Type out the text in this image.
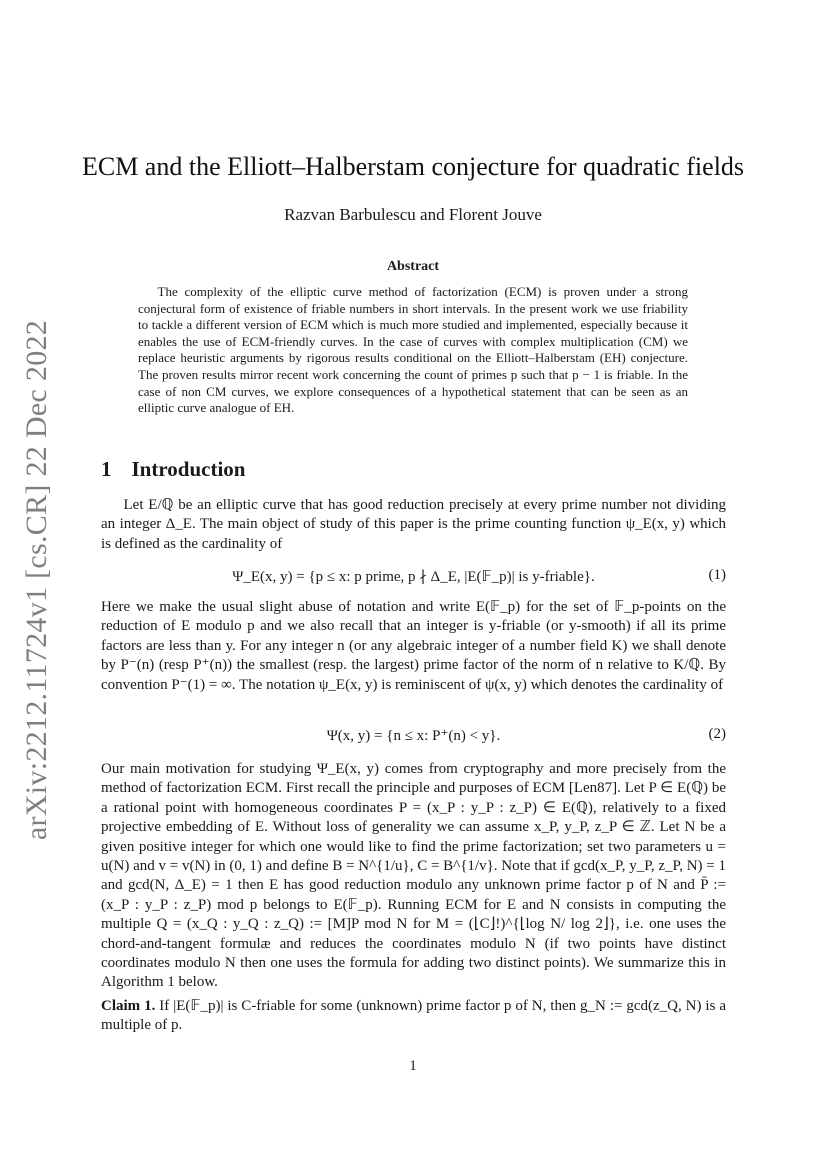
arXiv:2212.11724v1 [cs.CR] 22 Dec 2022
ECM and the Elliott–Halberstam conjecture for quadratic fields
Razvan Barbulescu and Florent Jouve
Abstract

The complexity of the elliptic curve method of factorization (ECM) is proven under a strong conjectural form of existence of friable numbers in short intervals. In the present work we use friability to tackle a different version of ECM which is much more studied and implemented, especially because it enables the use of ECM-friendly curves. In the case of curves with complex multiplication (CM) we replace heuristic arguments by rigorous results conditional on the Elliott–Halberstam (EH) conjecture. The proven results mirror recent work concerning the count of primes p such that p − 1 is friable. In the case of non CM curves, we explore consequences of a hypothetical statement that can be seen as an elliptic curve analogue of EH.

1 Introduction

Let E/ℚ be an elliptic curve that has good reduction precisely at every prime number not dividing an integer Δ_E. The main object of study of this paper is the prime counting function ψ_E(x, y) which is defined as the cardinality of

Ψ_E(x, y) = {p ≤ x: p prime, p ∤ Δ_E, |E(𝔽_p)| is y-friable}.	(1)

Here we make the usual slight abuse of notation and write E(𝔽_p) for the set of 𝔽_p-points on the reduction of E modulo p and we also recall that an integer is y-friable (or y-smooth) if all its prime factors are less than y. For any integer n (or any algebraic integer of a number field K) we shall denote by P⁻(n) (resp P⁺(n)) the smallest (resp. the largest) prime factor of the norm of n relative to K/ℚ. By convention P⁻(1) = ∞. The notation ψ_E(x, y) is reminiscent of ψ(x, y) which denotes the cardinality of

Ψ(x, y) = {n ≤ x: P⁺(n) < y}.	(2)

Our main motivation for studying Ψ_E(x, y) comes from cryptography and more precisely from the method of factorization ECM. First recall the principle and purposes of ECM [Len87]. Let P ∈ E(ℚ) be a rational point with homogeneous coordinates P = (x_P : y_P : z_P) ∈ E(ℚ), relatively to a fixed projective embedding of E. Without loss of generality we can assume x_P, y_P, z_P ∈ ℤ. Let N be a given positive integer for which one would like to find the prime factorization; set two parameters u = u(N) and v = v(N) in (0, 1) and define B = N^{1/u}, C = B^{1/v}. Note that if gcd(x_P, y_P, z_P, N) = 1 and gcd(N, Δ_E) = 1 then E has good reduction modulo any unknown prime factor p of N and P̄ := (x_P : y_P : z_P) mod p belongs to E(𝔽_p). Running ECM for E and N consists in computing the multiple Q = (x_Q : y_Q : z_Q) := [M]P mod N for M = (⌊C⌋!)^{⌊log N/ log 2⌋}, i.e. one uses the chord-and-tangent formulæ and reduces the coordinates modulo N (if two points have distinct coordinates modulo N then one uses the formula for adding two distinct points). We summarize this in Algorithm 1 below.

Claim 1. If |E(𝔽_p)| is C-friable for some (unknown) prime factor p of N, then g_N := gcd(z_Q, N) is a multiple of p.

1
